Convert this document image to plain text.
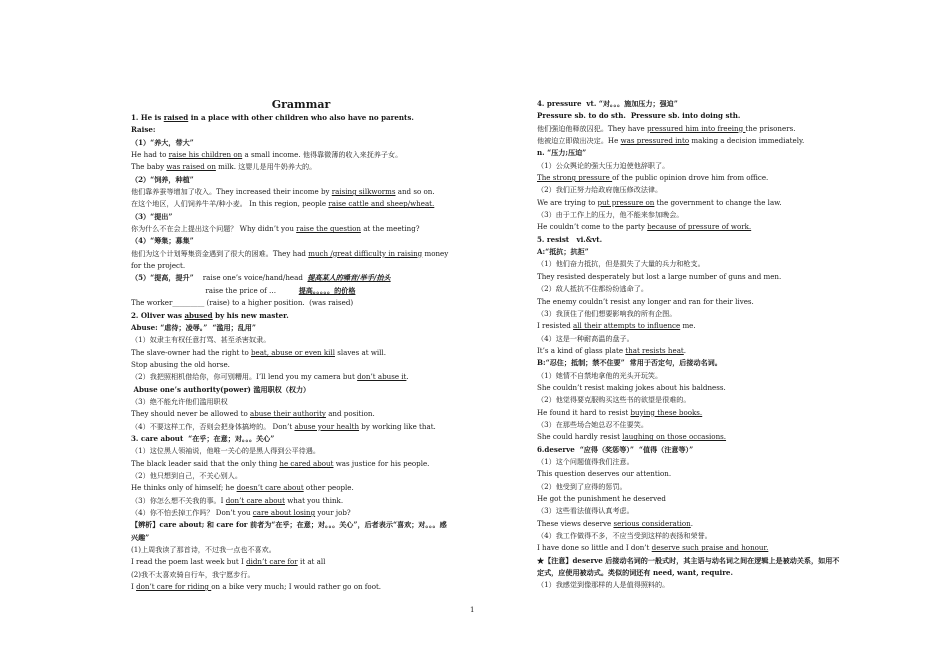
Grammar
1. He is raised in a place with other children who also have no parents.
Raise:
（1）“养大，带大”
He had to raise his children on a small income. 他得靠微薄的收入来抚养子女。
The baby was raised on milk. 这婴儿是用牛奶养大的。
（2）“饲养，种植”
他们靠养蚕等增加了收入。They increased their income by raising silkworms and so on.
在这个地区，人们饲养牛羊/种小麦。 In this region, people raise cattle and sheep/wheat.
（3）“提出”
你为什么不在会上提出这个问题？ Why didn’t you raise the question at the meeting?
（4）“筹集；募集”
他们为这个计划筹集资金遇到了很大的困难。They had much /great difficulty in raising money
for the project.
（5）“提高，提升”    raise one’s voice/hand/head  提高某人的嗓音/举手/抬头
raise the price of …          提高。。。。。的价格
The worker_________ (raise) to a higher position.  (was raised)
2. Oliver was abused by his new master.
Abuse: “虐待；凌辱。”  “滥用；乱用”
（1）奴隶主有权任意打骂、甚至杀害奴隶。
The slave-owner had the right to beat, abuse or even kill slaves at will.
Stop abusing the old horse.
（2）我把照相机借给你，你可别糟用。I’ll lend you my camera but don’t abuse it.
Abuse one’s authority(power) 滥用职权（权力）
（3）绝不能允许他们滥用职权
They should never be allowed to abuse their authority and position.
（4）不要这样工作，否则会把身体搞垮的。 Don’t abuse your health by working like that.
3. care about  “在乎；在意；对。。。关心”
（1）这位黑人领袖说，他唯一关心的是黑人得到公平待遇。
The black leader said that the only thing he cared about was justice for his people.
（2）他只想到自己，不关心别人。
He thinks only of himself; he doesn’t care about other people.
（3）你怎么想不关我的事。I don’t care about what you think.
（4）你不怕丢掉工作吗？ Don’t you care about losing your job?
【辨析】care about; 和 care for 前者为“在乎；在意；对。。。关心”，后者表示“喜欢；对。。。感
兴趣”
(1)上周我读了那首诗，不过我一点也不喜欢。
I read the poem last week but I didn’t care for it at all
(2)我不太喜欢骑自行车，我宁愿步行。
I don’t care for riding on a bike very much; I would rather go on foot.
4. pressure  vt. “对。。。施加压力；强迫”
Pressure sb. to do sth.  Pressure sb. into doing sth.
他们强迫他释放囚犯。They have pressured him into freeing the prisoners.
他被迫立即做出决定。He was pressured into making a decision immediately.
n. “压力;压迫”
（1）公众舆论的强大压力迫使他辞职了。
The strong pressure of the public opinion drove him from office.
（2）我们正努力给政府施压修改法律。
We are trying to put pressure on the government to change the law.
（3）由于工作上的压力，他不能来参加晚会。
He couldn’t come to the party because of pressure of work.
5. resist   vi.&vt.
A:“抵抗；抗拒”
（1）他们奋力抵抗，但是损失了大量的兵力和枪支。
They resisted desperately but lost a large number of guns and men.
（2）敌人抵抗不住都纷纷逃命了。
The enemy couldn’t resist any longer and ran for their lives.
（3）我顶住了他们想要影响我的所有企图。
I resisted all their attempts to influence me.
（4）这是一种耐高温的盘子。
It’s a kind of glass plate that resists heat.
B:“忍住；抵制；禁不住要”  常用于否定句，后接动名词。
（1）她情不自禁地拿他的光头开玩笑。
She couldn’t resist making jokes about his baldness.
（2）他觉得要克服购买这些书的欲望是很难的。
He found it hard to resist buying these books.
（3）在那些场合她总忍不住要笑。
She could hardly resist laughing on those occasions.
6.deserve  “应得（奖惩等）”  “值得（注意等）”
（1）这个问题值得我们注意。
This question deserves our attention.
（2）他受到了应得的惩罚。
He got the punishment he deserved
（3）这些看法值得认真考虑。
These views deserve serious consideration.
（4）我工作做得不多，不应当受到这样的表扬和荣誉。
I have done so little and I don’t deserve such praise and honour.
★【注意】deserve 后接动名词的一般式时，其主语与动名词之间在逻辑上是被动关系，如用不
定式，应使用被动式。类似的词还有 need, want, require.
（1）我感觉到像那样的人是值得照料的。
1
